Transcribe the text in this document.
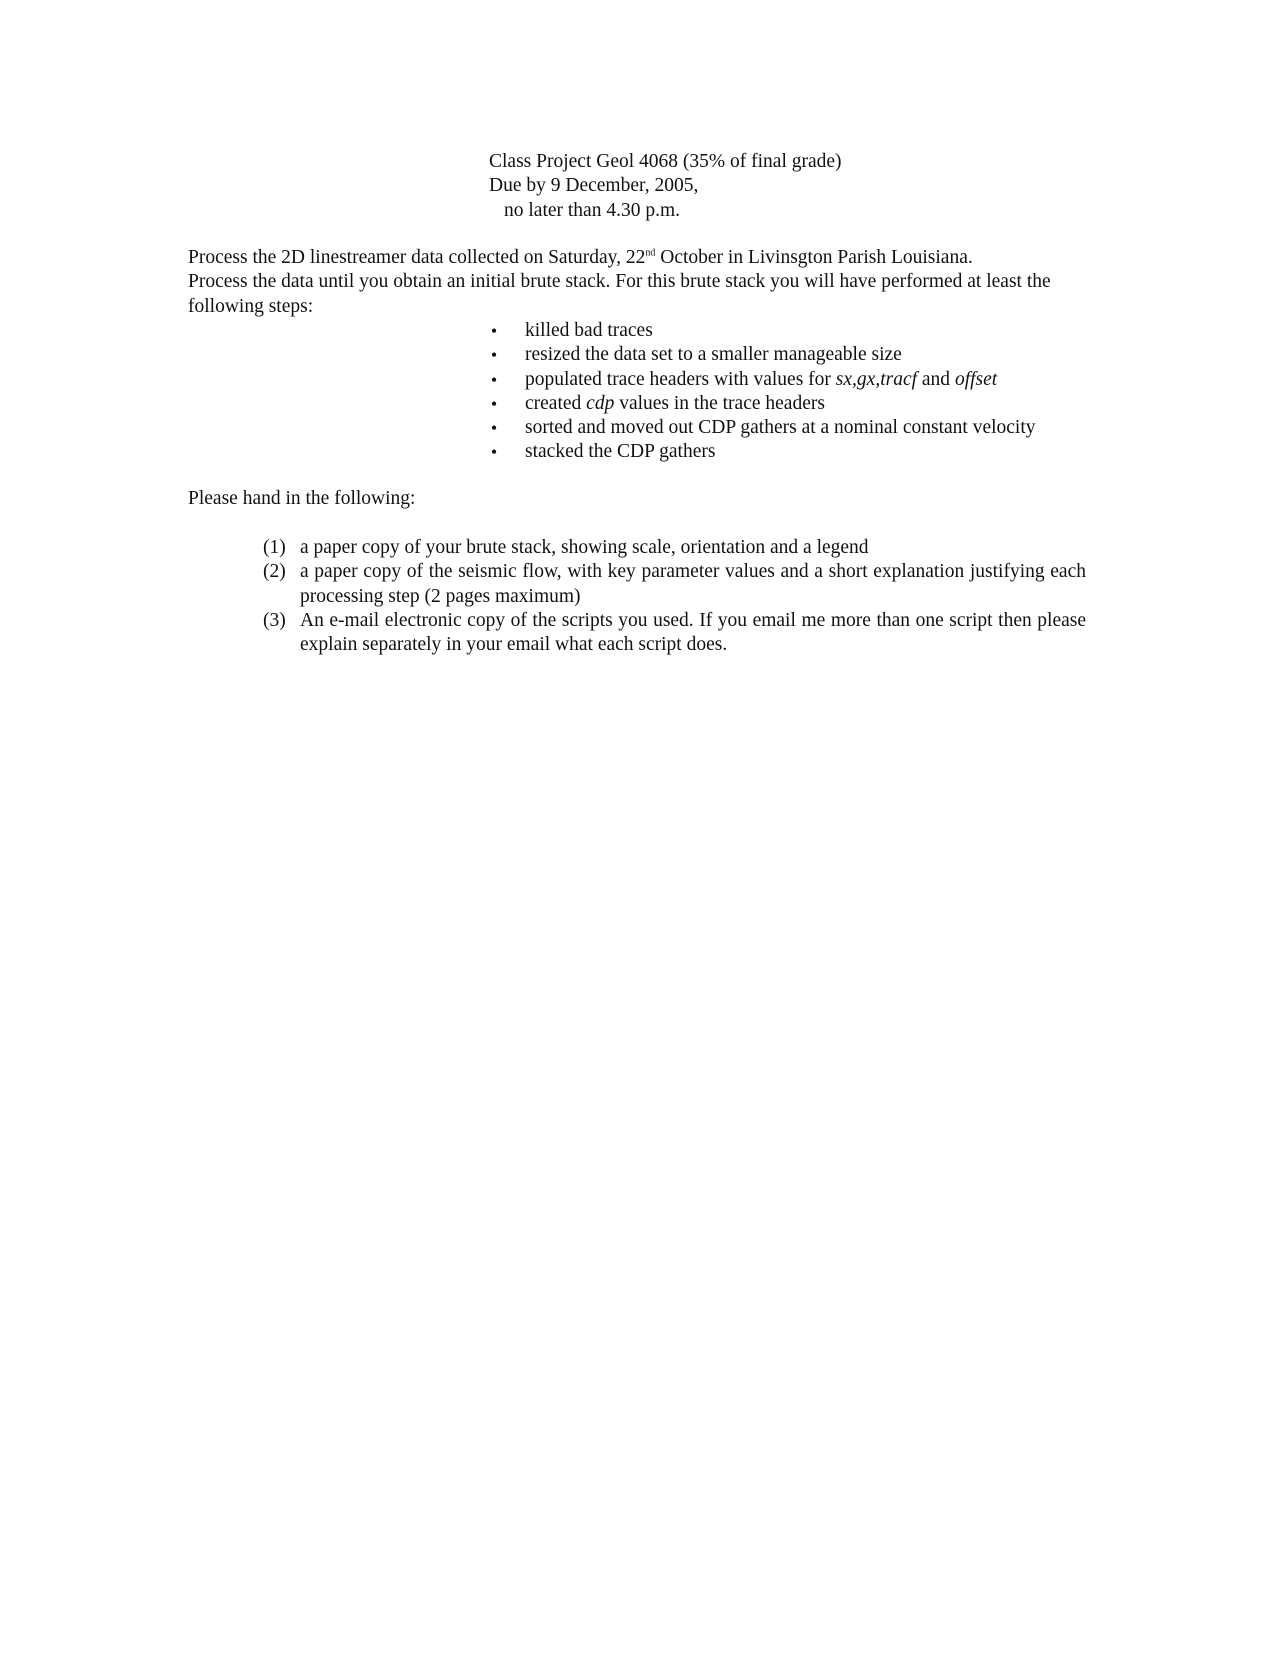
Class Project Geol 4068 (35% of final grade)
Due by 9 December, 2005,
no later than 4.30 p.m.

Process the 2D linestreamer data collected on Saturday, 22nd October in Livinsgton Parish Louisiana.

Process the data until you obtain an initial brute stack. For this brute stack you will have performed at least the following steps:

• killed bad traces
• resized the data set to a smaller manageable size
• populated trace headers with values for sx,gx,tracf and offset
• created cdp values in the trace headers
• sorted and moved out CDP gathers at a nominal constant velocity
• stacked the CDP gathers

Please hand in the following:

(1) a paper copy of your brute stack, showing scale, orientation and a legend
(2) a paper copy of the seismic flow, with key parameter values and a short explanation justifying each processing step (2 pages maximum)
(3) An e-mail electronic copy of the scripts you used. If you email me more than one script then please explain separately in your email what each script does.
